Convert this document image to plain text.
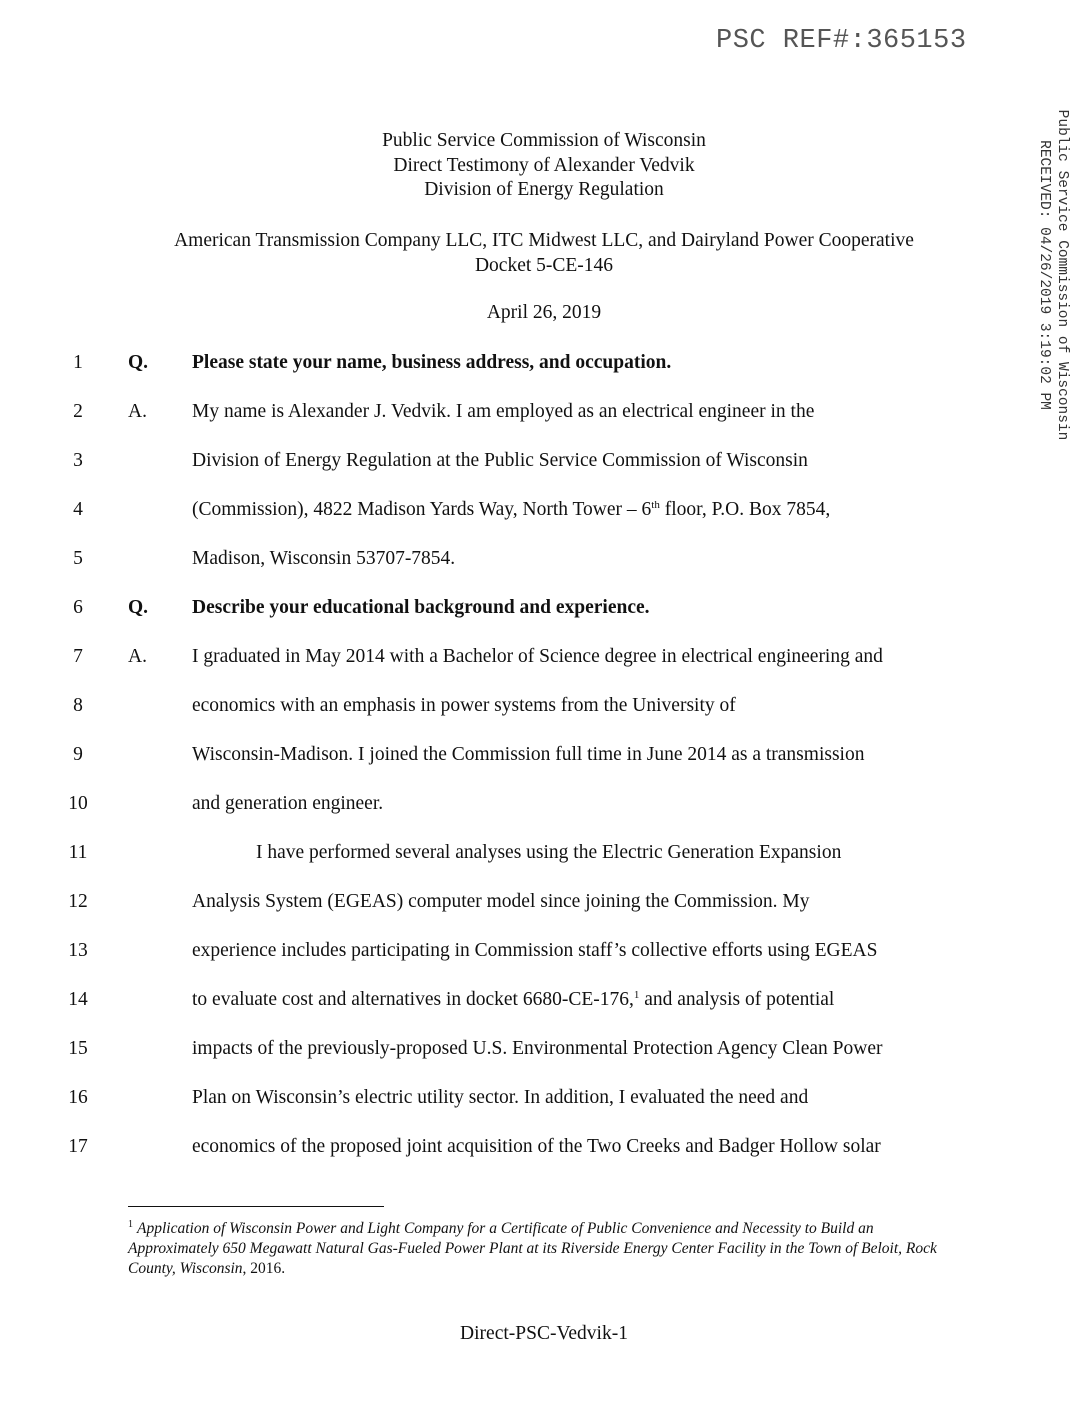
PSC REF#:365153
Public Service Commission of Wisconsin
RECEIVED: 04/26/2019 3:19:02 PM
Public Service Commission of Wisconsin
Direct Testimony of Alexander Vedvik
Division of Energy Regulation
American Transmission Company LLC, ITC Midwest LLC, and Dairyland Power Cooperative
Docket 5-CE-146
April 26, 2019
1	Q. Please state your name, business address, and occupation.
2	A. My name is Alexander J. Vedvik. I am employed as an electrical engineer in the
3	Division of Energy Regulation at the Public Service Commission of Wisconsin
4	(Commission), 4822 Madison Yards Way, North Tower – 6th floor, P.O. Box 7854,
5	Madison, Wisconsin 53707-7854.
6	Q. Describe your educational background and experience.
7	A. I graduated in May 2014 with a Bachelor of Science degree in electrical engineering and
8	economics with an emphasis in power systems from the University of
9	Wisconsin-Madison. I joined the Commission full time in June 2014 as a transmission
10	and generation engineer.
11	I have performed several analyses using the Electric Generation Expansion
12	Analysis System (EGEAS) computer model since joining the Commission. My
13	experience includes participating in Commission staff’s collective efforts using EGEAS
14	to evaluate cost and alternatives in docket 6680-CE-176,$^1$ and analysis of potential
15	impacts of the previously-proposed U.S. Environmental Protection Agency Clean Power
16	Plan on Wisconsin’s electric utility sector. In addition, I evaluated the need and
17	economics of the proposed joint acquisition of the Two Creeks and Badger Hollow solar
$^1$ Application of Wisconsin Power and Light Company for a Certificate of Public Convenience and Necessity to Build an Approximately 650 Megawatt Natural Gas-Fueled Power Plant at its Riverside Energy Center Facility in the Town of Beloit, Rock County, Wisconsin, 2016.
Direct-PSC-Vedvik-1
